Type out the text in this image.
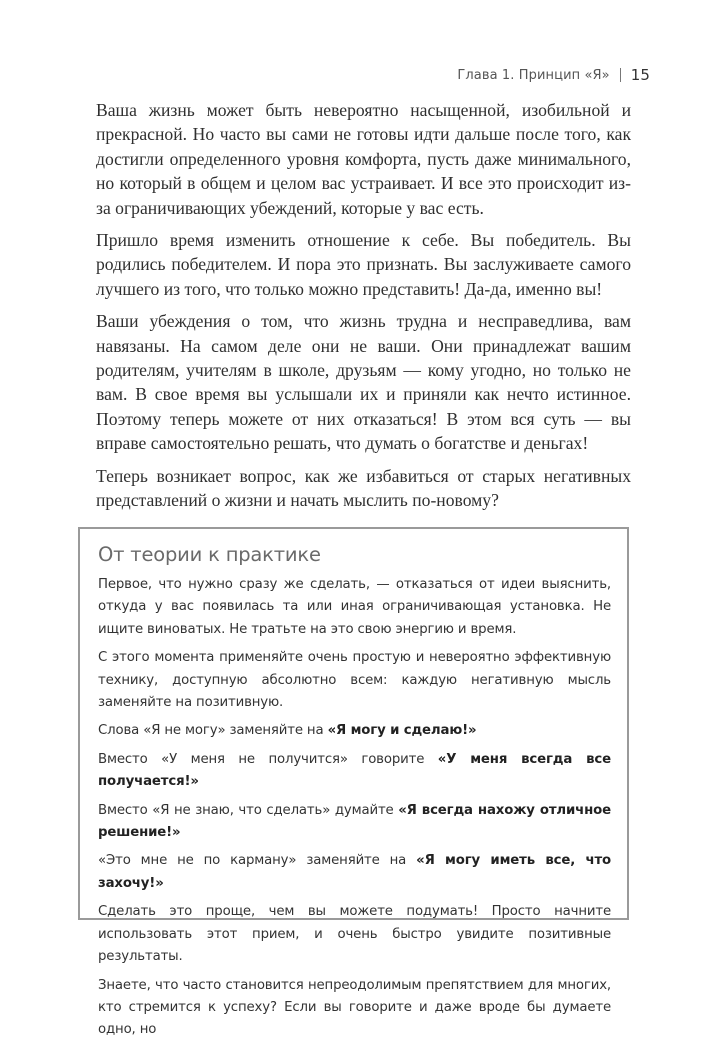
Глава 1. Принцип «Я» 15

Ваша жизнь может быть невероятно насыщенной, изобильной и прекрасной. Но часто вы сами не готовы идти дальше после того, как достигли определенного уровня комфорта, пусть даже минимального, но который в общем и целом вас устраивает. И все это происходит из-за ограничивающих убеждений, которые у вас есть.

Пришло время изменить отношение к себе. Вы победитель. Вы родились победителем. И пора это признать. Вы заслуживаете самого лучшего из того, что только можно представить! Да-да, именно вы!

Ваши убеждения о том, что жизнь трудна и несправедлива, вам навязаны. На самом деле они не ваши. Они принадлежат вашим родителям, учителям в школе, друзьям — кому угодно, но только не вам. В свое время вы услышали их и приняли как нечто истинное. Поэтому теперь можете от них отказаться! В этом вся суть — вы вправе самостоятельно решать, что думать о богатстве и деньгах!

Теперь возникает вопрос, как же избавиться от старых негативных представлений о жизни и начать мыслить по-новому?

От теории к практике

Первое, что нужно сразу же сделать, — отказаться от идеи выяснить, откуда у вас появилась та или иная ограничивающая установка. Не ищите виноватых. Не тратьте на это свою энергию и время.

С этого момента применяйте очень простую и невероятно эффективную технику, доступную абсолютно всем: каждую негативную мысль заменяйте на позитивную.

Слова «Я не могу» заменяйте на «Я могу и сделаю!»

Вместо «У меня не получится» говорите «У меня всегда все получается!»

Вместо «Я не знаю, что сделать» думайте «Я всегда нахожу отличное решение!»

«Это мне не по карману» заменяйте на «Я могу иметь все, что захочу!»

Сделать это проще, чем вы можете подумать! Просто начните использовать этот прием, и очень быстро увидите позитивные результаты.

Знаете, что часто становится непреодолимым препятствием для многих, кто стремится к успеху? Если вы говорите и даже вроде бы думаете одно, но
